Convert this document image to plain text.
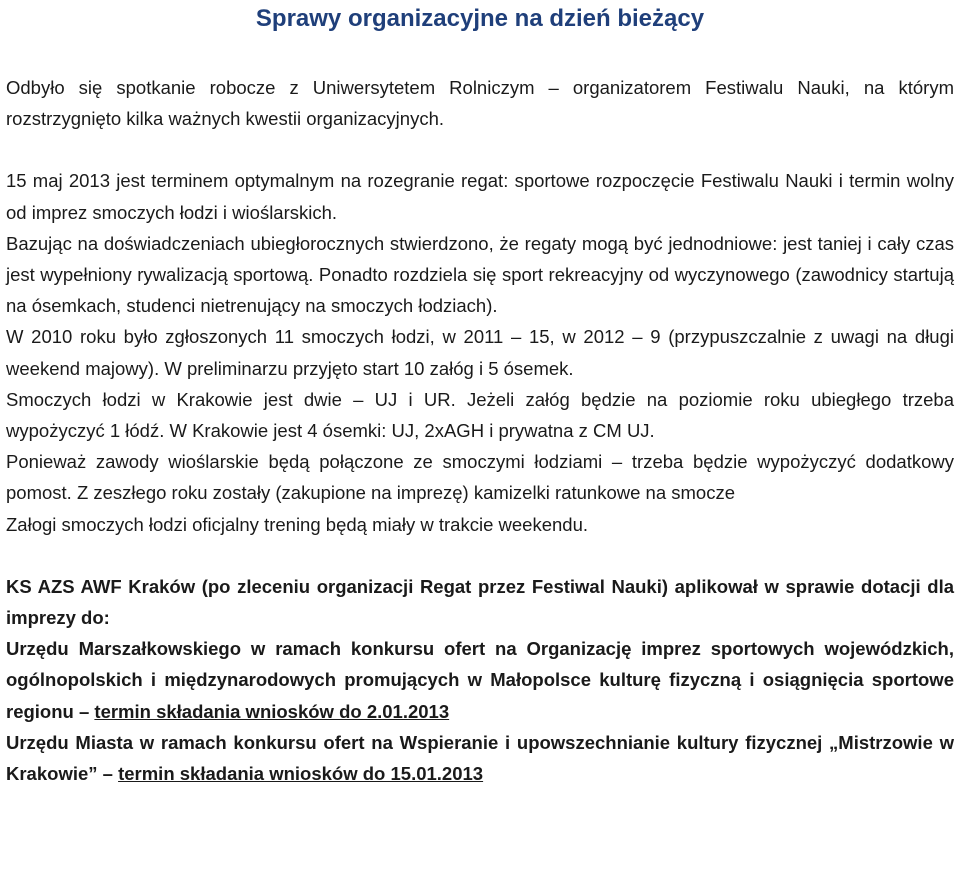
Sprawy organizacyjne na dzień bieżący

Odbyło się spotkanie robocze z Uniwersytetem Rolniczym – organizatorem Festiwalu Nauki, na którym rozstrzygnięto kilka ważnych kwestii organizacyjnych.

15 maj 2013 jest terminem optymalnym na rozegranie regat: sportowe rozpoczęcie Festiwalu Nauki i termin wolny od imprez smoczych łodzi i wioślarskich.

Bazując na doświadczeniach ubiegłorocznych stwierdzono, że regaty mogą być jednodniowe: jest taniej i cały czas jest wypełniony rywalizacją sportową. Ponadto rozdziela się sport rekreacyjny od wyczynowego (zawodnicy startują na ósemkach, studenci nietrenujący na smoczych łodziach).

W 2010 roku było zgłoszonych 11 smoczych łodzi, w 2011 – 15, w 2012 – 9 (przypuszczalnie z uwagi na długi weekend majowy). W preliminarzu przyjęto start 10 załóg i 5 ósemek.

Smoczych łodzi w Krakowie jest dwie – UJ i UR. Jeżeli załóg będzie na poziomie roku ubiegłego trzeba wypożyczyć 1 łódź. W Krakowie jest 4 ósemki: UJ, 2xAGH i prywatna z CM UJ.

Ponieważ zawody wioślarskie będą połączone ze smoczymi łodziami – trzeba będzie wypożyczyć dodatkowy pomost. Z zeszłego roku zostały (zakupione na imprezę) kamizelki ratunkowe na smocze

Załogi smoczych łodzi oficjalny trening będą miały w trakcie weekendu.

KS AZS AWF Kraków (po zleceniu organizacji Regat przez Festiwal Nauki) aplikował w sprawie dotacji dla imprezy do:

Urzędu Marszałkowskiego w ramach konkursu ofert na Organizację imprez sportowych wojewódzkich, ogólnopolskich i międzynarodowych promujących w Małopolsce kulturę fizyczną i osiągnięcia sportowe regionu – termin składania wniosków do 2.01.2013

Urzędu Miasta w ramach konkursu ofert na Wspieranie i upowszechnianie kultury fizycznej „Mistrzowie w Krakowie” – termin składania wniosków do 15.01.2013
